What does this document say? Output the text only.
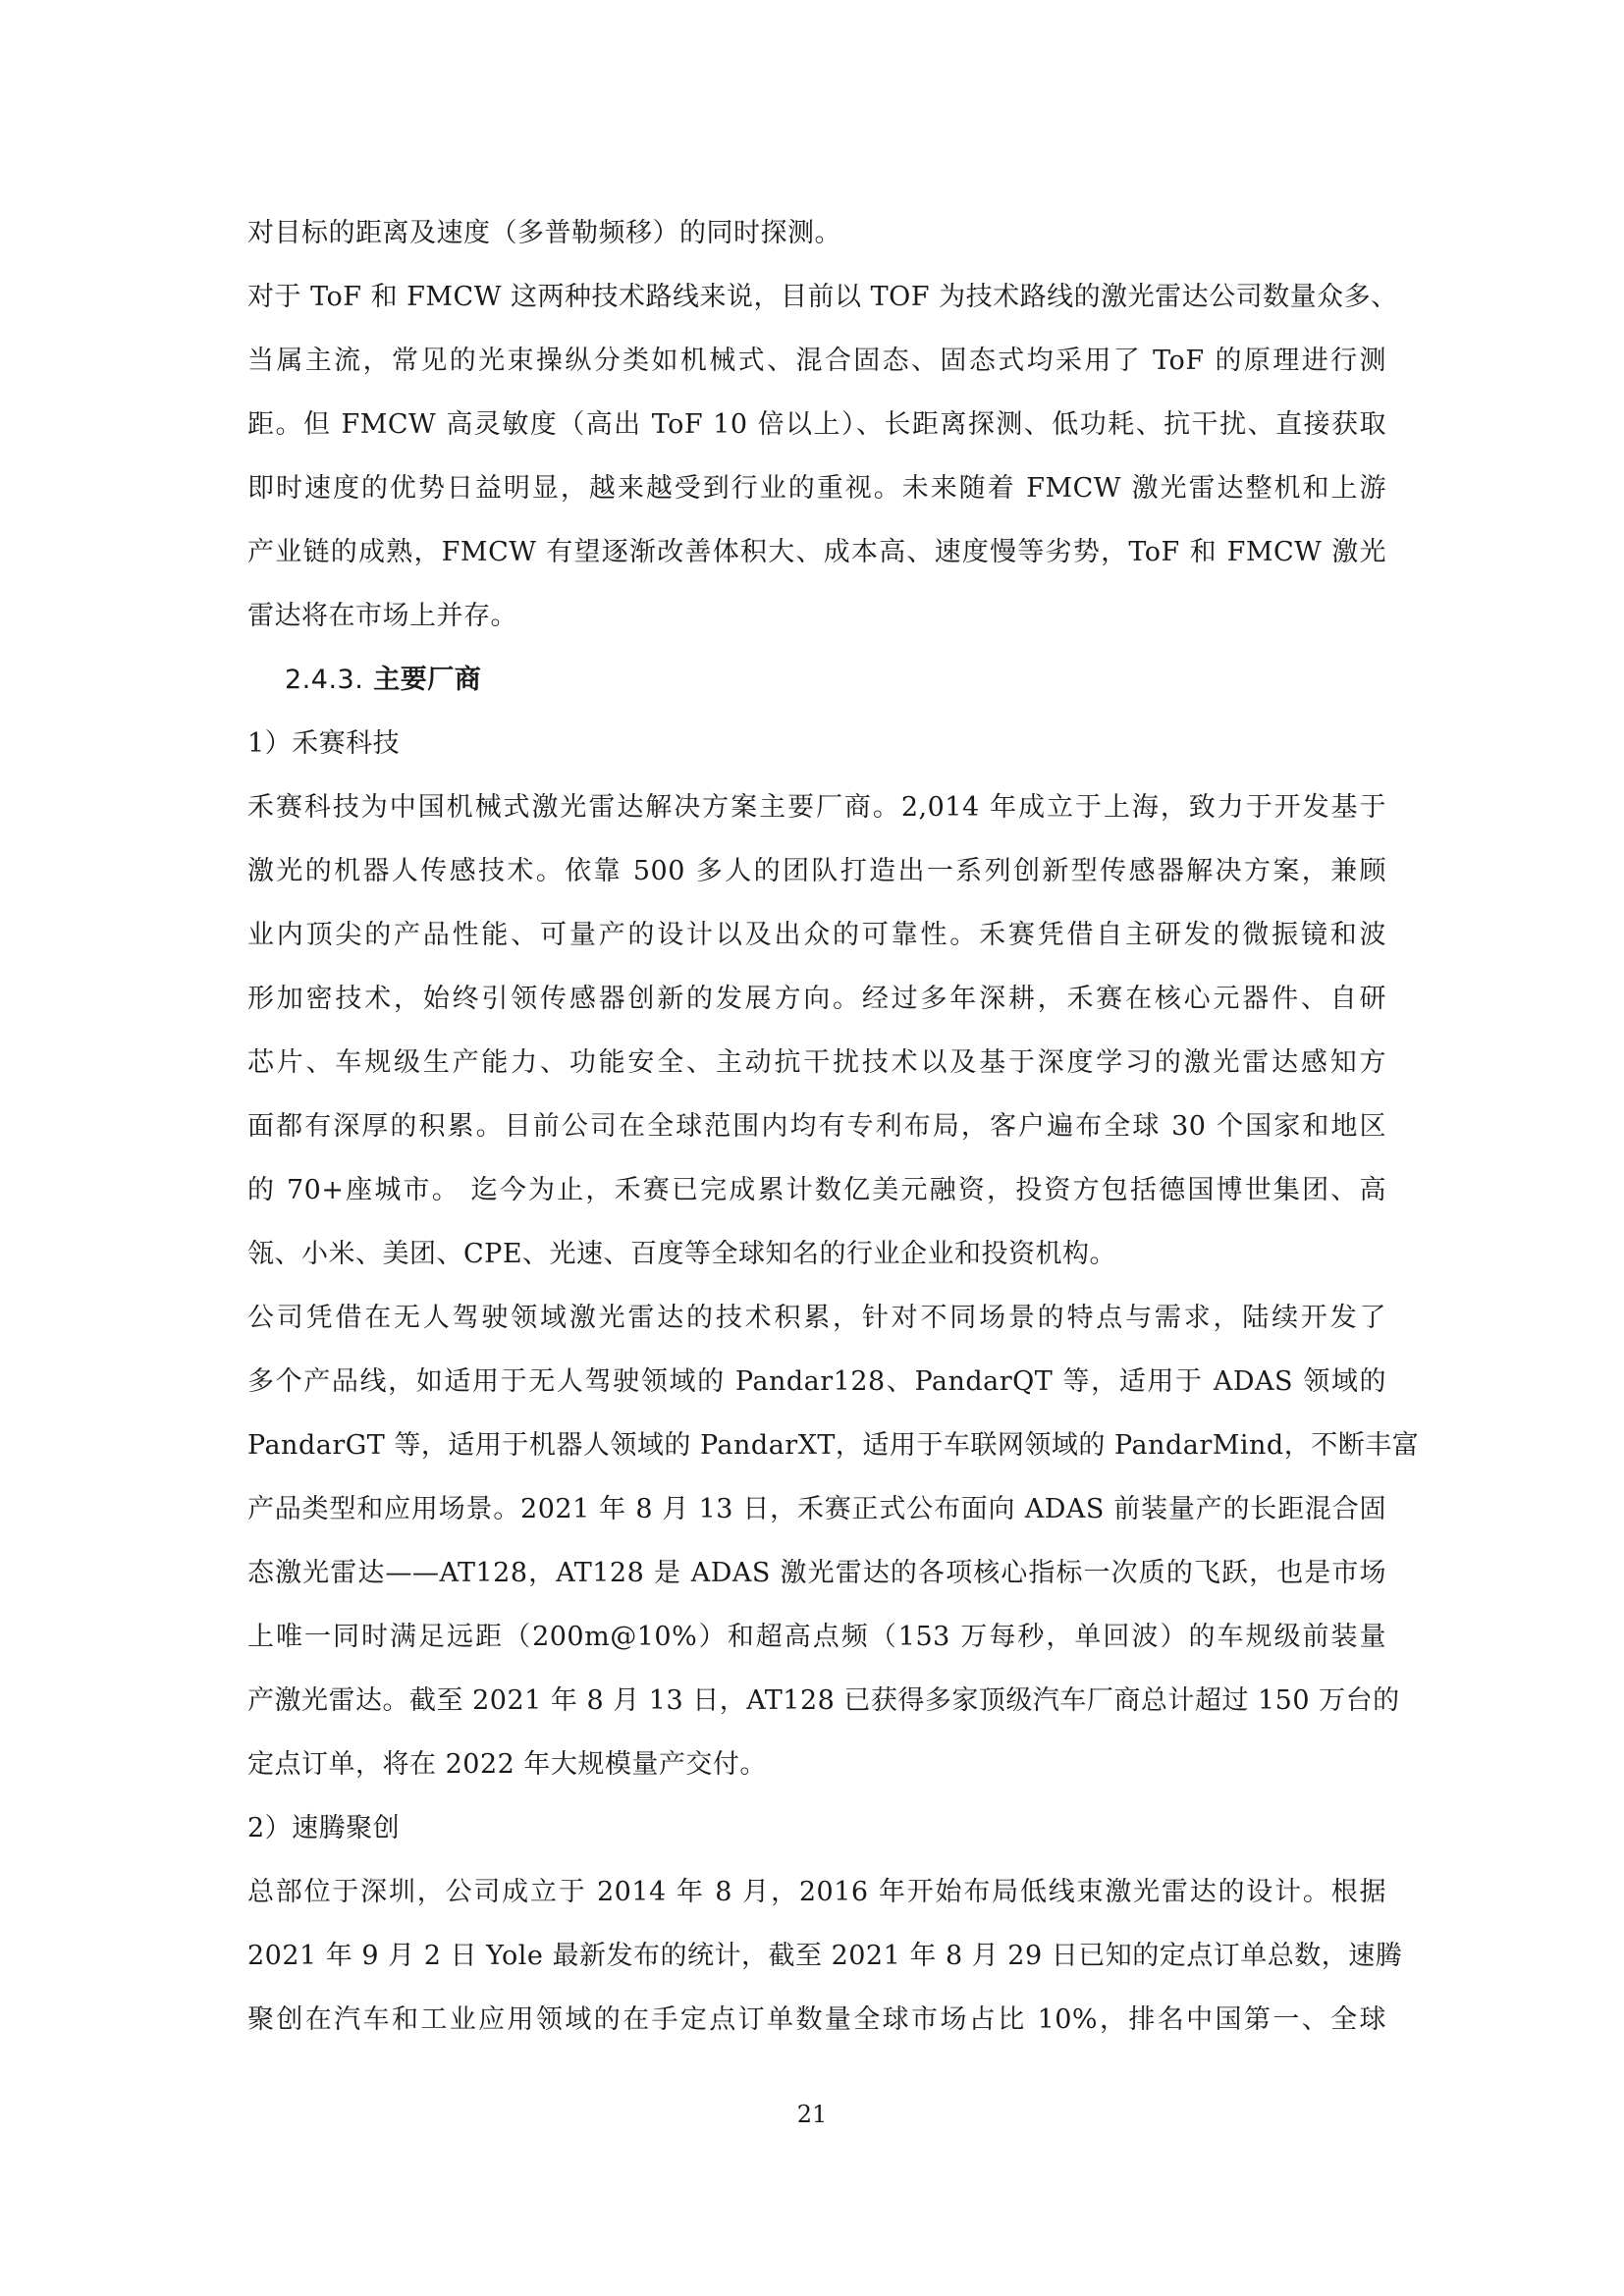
对目标的距离及速度（多普勒频移）的同时探测。
对于 ToF 和 FMCW 这两种技术路线来说，目前以 TOF 为技术路线的激光雷达公司数量众多、
当属主流，常见的光束操纵分类如机械式、混合固态、固态式均采用了 ToF 的原理进行测
距。但 FMCW 高灵敏度（高出 ToF 10 倍以上）、长距离探测、低功耗、抗干扰、直接获取
即时速度的优势日益明显，越来越受到行业的重视。未来随着 FMCW 激光雷达整机和上游
产业链的成熟，FMCW 有望逐渐改善体积大、成本高、速度慢等劣势，ToF 和 FMCW 激光
雷达将在市场上并存。
2.4.3. 主要厂商
1）禾赛科技
禾赛科技为中国机械式激光雷达解决方案主要厂商。2,014 年成立于上海，致力于开发基于
激光的机器人传感技术。依靠 500 多人的团队打造出一系列创新型传感器解决方案，兼顾
业内顶尖的产品性能、可量产的设计以及出众的可靠性。禾赛凭借自主研发的微振镜和波
形加密技术，始终引领传感器创新的发展方向。经过多年深耕，禾赛在核心元器件、自研
芯片、车规级生产能力、功能安全、主动抗干扰技术以及基于深度学习的激光雷达感知方
面都有深厚的积累。目前公司在全球范围内均有专利布局，客户遍布全球 30 个国家和地区
的 70+座城市。 迄今为止，禾赛已完成累计数亿美元融资，投资方包括德国博世集团、高
瓴、小米、美团、CPE、光速、百度等全球知名的行业企业和投资机构。
公司凭借在无人驾驶领域激光雷达的技术积累，针对不同场景的特点与需求，陆续开发了
多个产品线，如适用于无人驾驶领域的 Pandar128、PandarQT 等，适用于 ADAS 领域的
PandarGT 等，适用于机器人领域的 PandarXT，适用于车联网领域的 PandarMind，不断丰富
产品类型和应用场景。2021 年 8 月 13 日，禾赛正式公布面向 ADAS 前装量产的长距混合固
态激光雷达——AT128，AT128 是 ADAS 激光雷达的各项核心指标一次质的飞跃，也是市场
上唯一同时满足远距（200m@10%）和超高点频（153 万每秒，单回波）的车规级前装量
产激光雷达。截至 2021 年 8 月 13 日，AT128 已获得多家顶级汽车厂商总计超过 150 万台的
定点订单，将在 2022 年大规模量产交付。
2）速腾聚创
总部位于深圳，公司成立于 2014 年 8 月，2016 年开始布局低线束激光雷达的设计。根据
2021 年 9 月 2 日 Yole 最新发布的统计，截至 2021 年 8 月 29 日已知的定点订单总数，速腾
聚创在汽车和工业应用领域的在手定点订单数量全球市场占比 10%，排名中国第一、全球
21
